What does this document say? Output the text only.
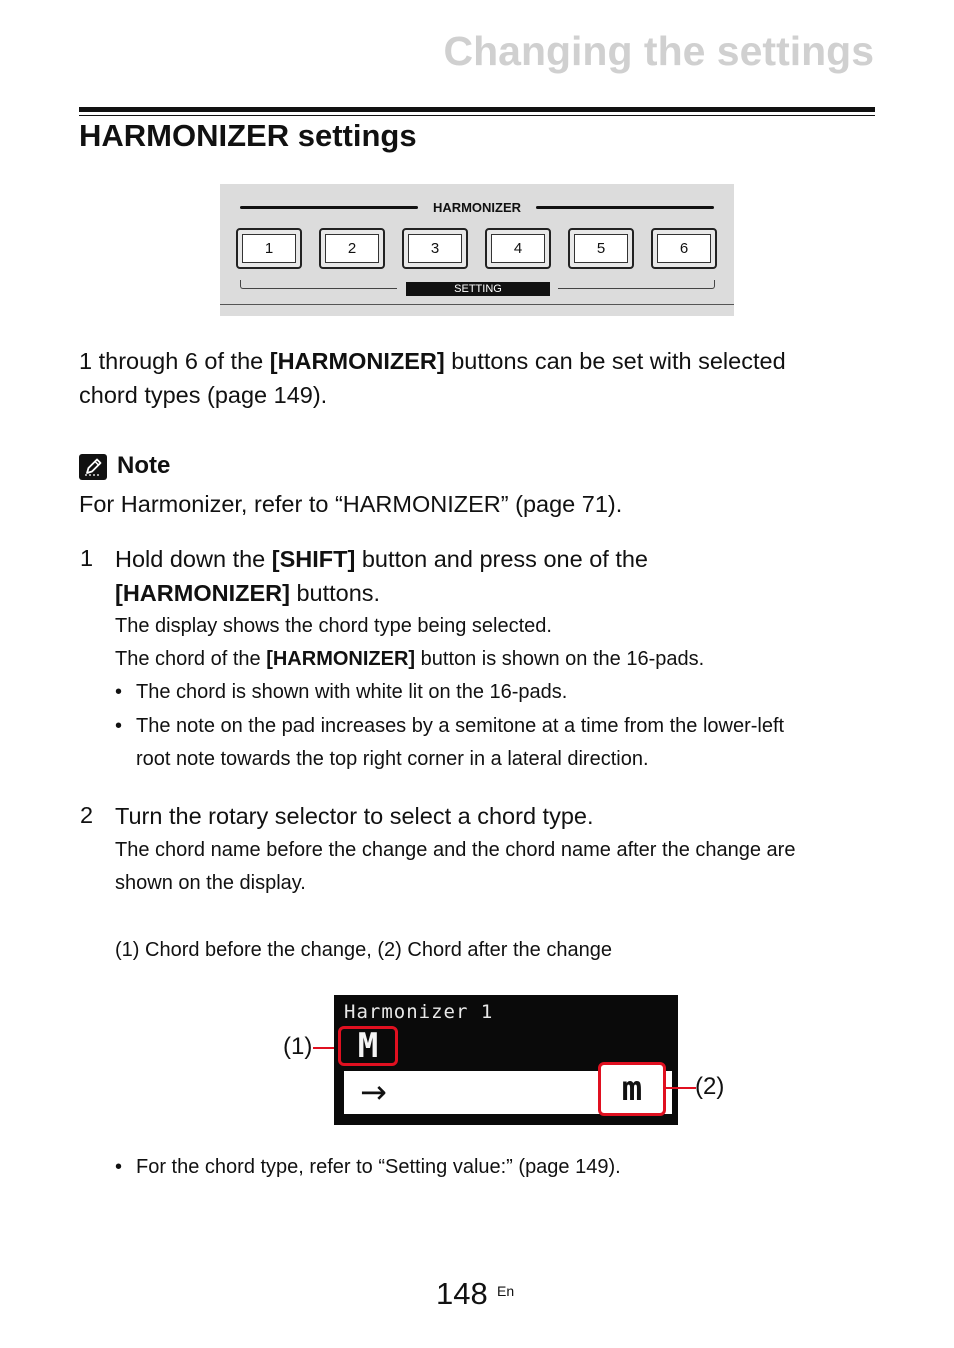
Changing the settings
HARMONIZER settings
HARMONIZER
1	2	3	4	5	6
SETTING
1 through 6 of the [HARMONIZER] buttons can be set with selected
chord types (page 149).
Note
For Harmonizer, refer to “HARMONIZER” (page 71).
1 Hold down the [SHIFT] button and press one of the
[HARMONIZER] buttons.
The display shows the chord type being selected.
The chord of the [HARMONIZER] button is shown on the 16-pads.
• The chord is shown with white lit on the 16-pads.
• The note on the pad increases by a semitone at a time from the lower-left
root note towards the top right corner in a lateral direction.
2 Turn the rotary selector to select a chord type.
The chord name before the change and the chord name after the change are
shown on the display.
(1) Chord before the change, (2) Chord after the change
(1)
Harmonizer 1
M
→	m	(2)
• For the chord type, refer to “Setting value:” (page 149).
148 En
